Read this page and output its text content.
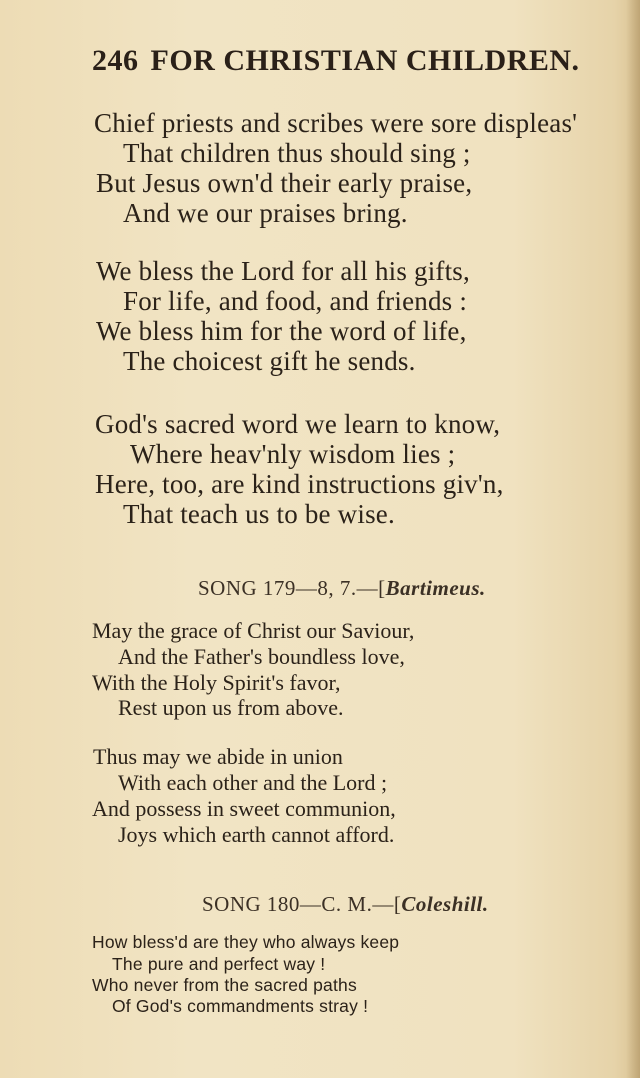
246 FOR CHRISTIAN CHILDREN.
Chief priests and scribes were sore displeas'
That children thus should sing ;
But Jesus own'd their early praise,
And we our praises bring.
We bless the Lord for all his gifts,
For life, and food, and friends :
We bless him for the word of life,
The choicest gift he sends.
God's sacred word we learn to know,
Where heav'nly wisdom lies ;
Here, too, are kind instructions giv'n,
That teach us to be wise.
SONG 179—8, 7.—[Bartimeus.
May the grace of Christ our Saviour,
And the Father's boundless love,
With the Holy Spirit's favor,
Rest upon us from above.
Thus may we abide in union
With each other and the Lord ;
And possess in sweet communion,
Joys which earth cannot afford.
SONG 180—C. M.—[Coleshill.
How bless'd are they who always keep
The pure and perfect way !
Who never from the sacred paths
Of God's commandments stray !
